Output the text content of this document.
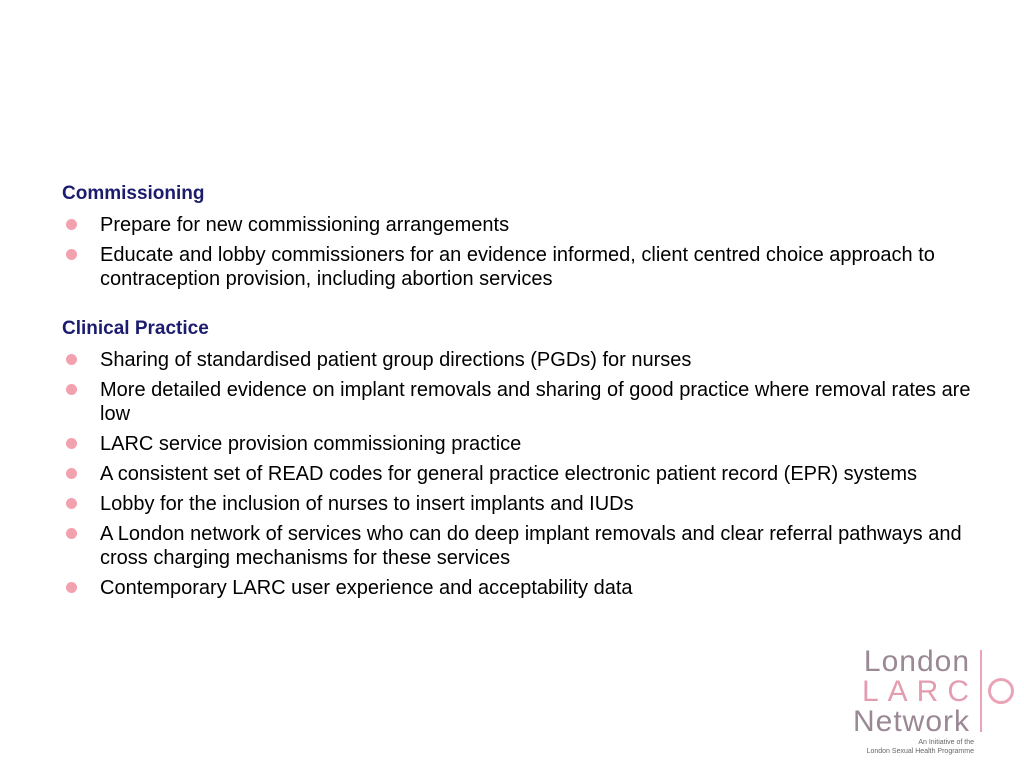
Commissioning
Prepare for new commissioning arrangements
Educate and lobby commissioners for an evidence informed, client centred choice approach to contraception provision, including abortion services
Clinical Practice
Sharing of standardised patient group directions (PGDs) for nurses
More detailed evidence on implant removals and sharing of good practice where removal rates are low
LARC service provision commissioning practice
A consistent set of READ codes for general practice electronic patient record (EPR) systems
Lobby for the inclusion of nurses to insert implants and IUDs
A London network of services who can do deep implant removals and clear referral pathways and cross charging mechanisms for these services
Contemporary LARC user experience and acceptability data
London
LARC
Network
An Initiative of the
London Sexual Health Programme
